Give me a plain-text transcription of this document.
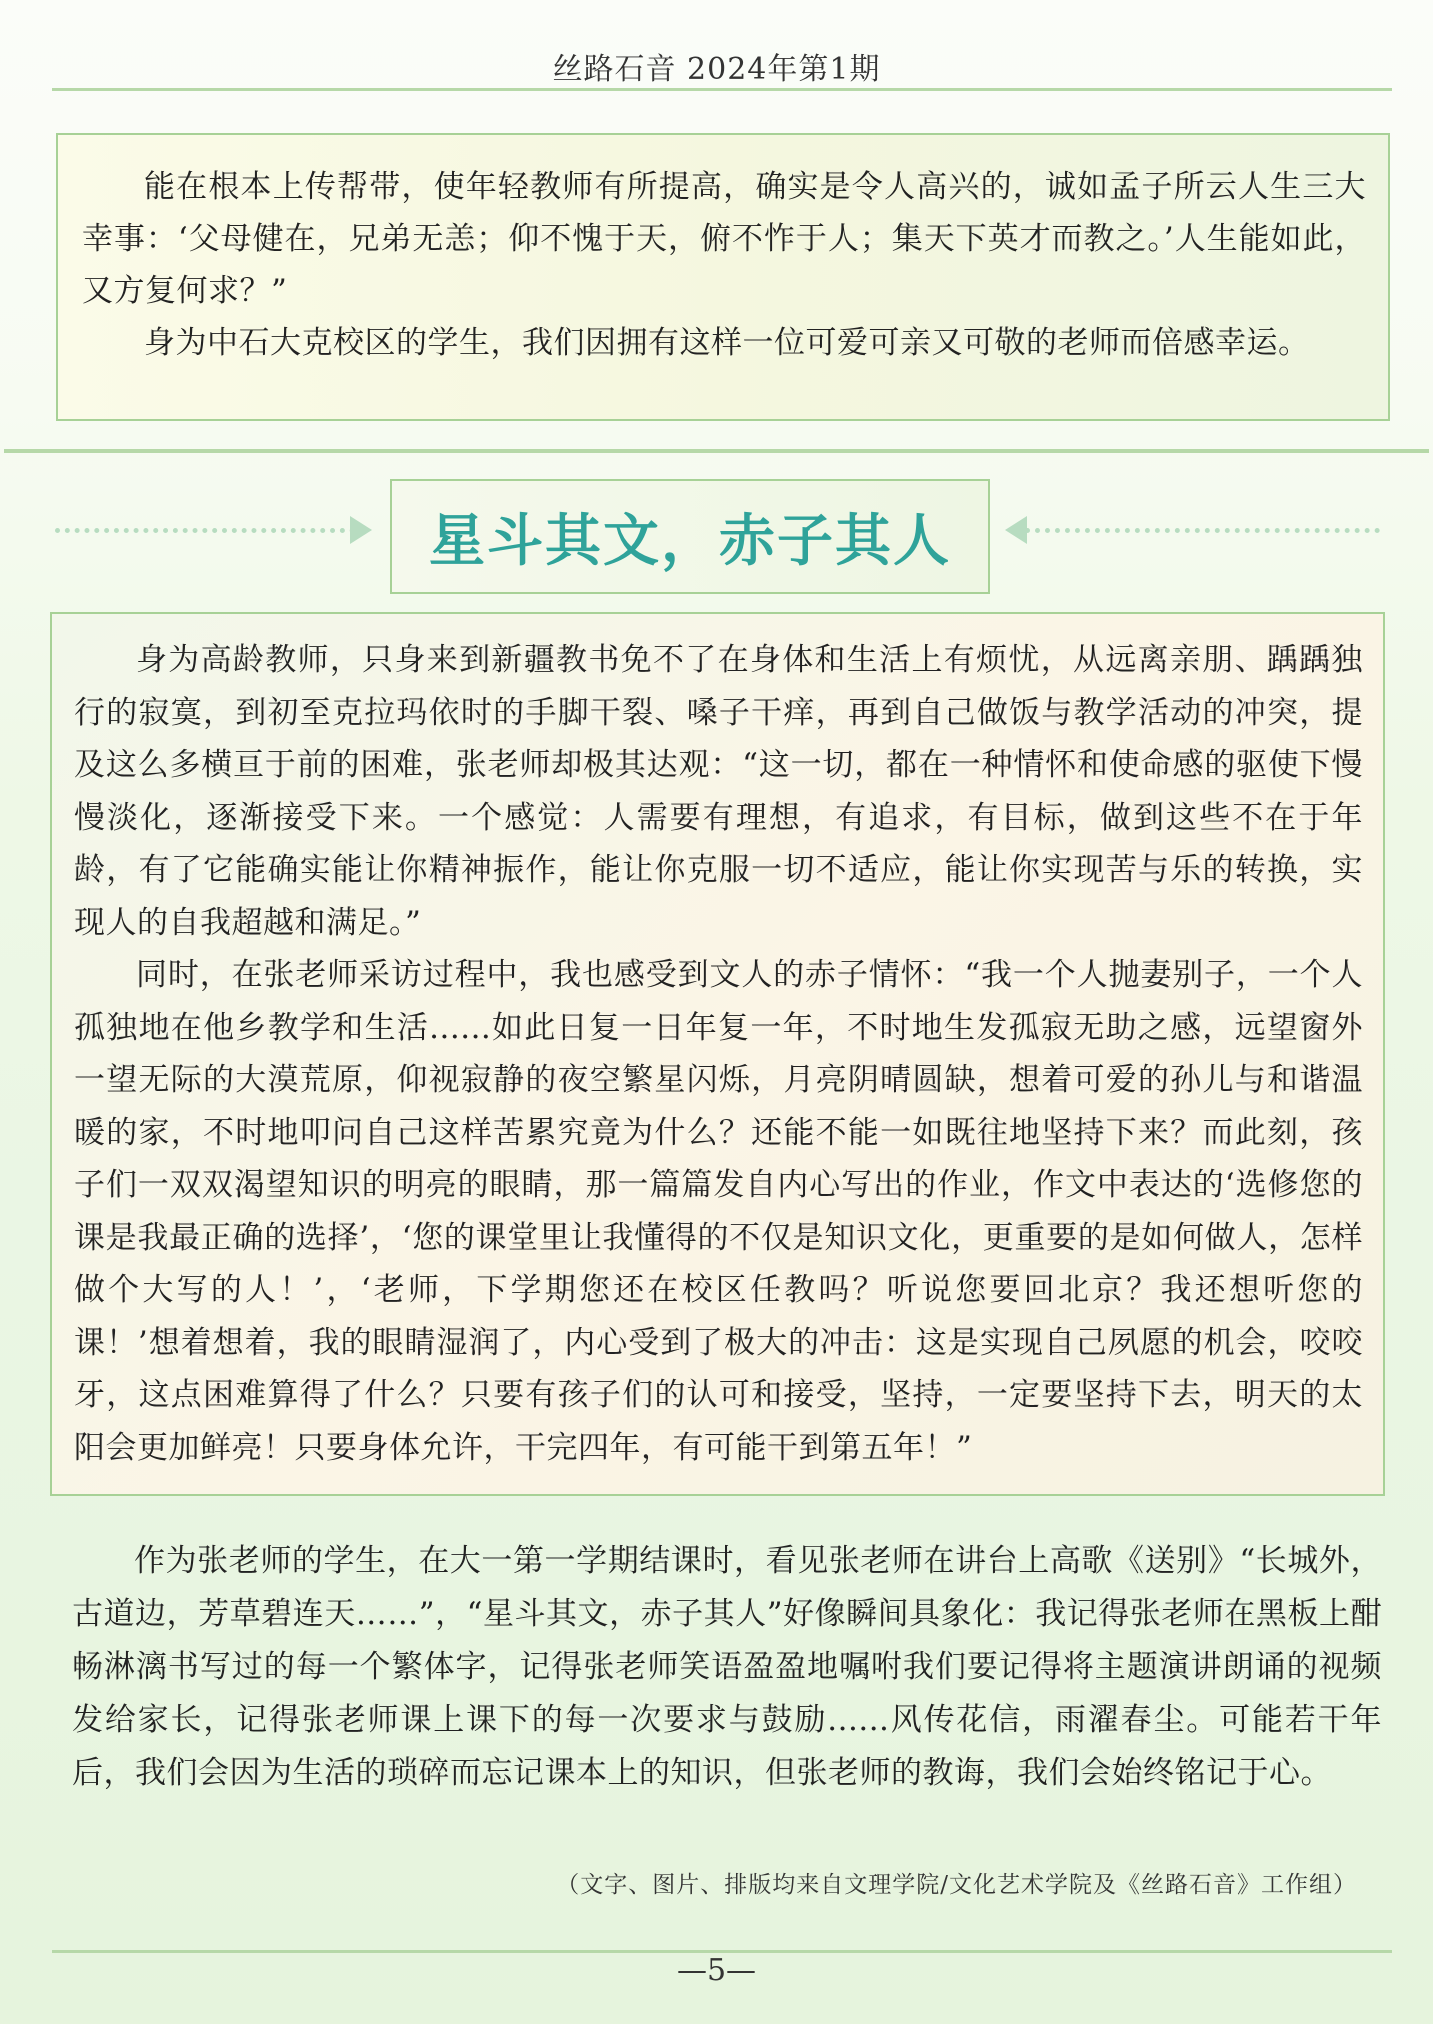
丝路石音 2024年第1期

能在根本上传帮带，使年轻教师有所提高，确实是令人高兴的，诚如孟子所云人生三大幸事：‘父母健在，兄弟无恙；仰不愧于天，俯不怍于人；集天下英才而教之。’人生能如此，又方复何求？”

身为中石大克校区的学生，我们因拥有这样一位可爱可亲又可敬的老师而倍感幸运。

星斗其文，赤子其人

身为高龄教师，只身来到新疆教书免不了在身体和生活上有烦忧，从远离亲朋、踽踽独行的寂寞，到初至克拉玛依时的手脚干裂、嗓子干痒，再到自己做饭与教学活动的冲突，提及这么多横亘于前的困难，张老师却极其达观：“这一切，都在一种情怀和使命感的驱使下慢慢淡化，逐渐接受下来。一个感觉：人需要有理想，有追求，有目标，做到这些不在于年龄，有了它能确实能让你精神振作，能让你克服一切不适应，能让你实现苦与乐的转换，实现人的自我超越和满足。”

同时，在张老师采访过程中，我也感受到文人的赤子情怀：“我一个人抛妻别子，一个人孤独地在他乡教学和生活......如此日复一日年复一年，不时地生发孤寂无助之感，远望窗外一望无际的大漠荒原，仰视寂静的夜空繁星闪烁，月亮阴晴圆缺，想着可爱的孙儿与和谐温暖的家，不时地叩问自己这样苦累究竟为什么？还能不能一如既往地坚持下来？而此刻，孩子们一双双渴望知识的明亮的眼睛，那一篇篇发自内心写出的作业，作文中表达的‘选修您的课是我最正确的选择’，‘您的课堂里让我懂得的不仅是知识文化，更重要的是如何做人，怎样做个大写的人！’，‘老师，下学期您还在校区任教吗？听说您要回北京？我还想听您的课！’想着想着，我的眼睛湿润了，内心受到了极大的冲击：这是实现自己夙愿的机会，咬咬牙，这点困难算得了什么？只要有孩子们的认可和接受，坚持，一定要坚持下去，明天的太阳会更加鲜亮！只要身体允许，干完四年，有可能干到第五年！”

作为张老师的学生，在大一第一学期结课时，看见张老师在讲台上高歌《送别》“长城外，古道边，芳草碧连天……”，“星斗其文，赤子其人”好像瞬间具象化：我记得张老师在黑板上酣畅淋漓书写过的每一个繁体字，记得张老师笑语盈盈地嘱咐我们要记得将主题演讲朗诵的视频发给家长，记得张老师课上课下的每一次要求与鼓励......风传花信，雨濯春尘。可能若干年后，我们会因为生活的琐碎而忘记课本上的知识，但张老师的教诲，我们会始终铭记于心。

（文字、图片、排版均来自文理学院/文化艺术学院及《丝路石音》工作组）
—5—
